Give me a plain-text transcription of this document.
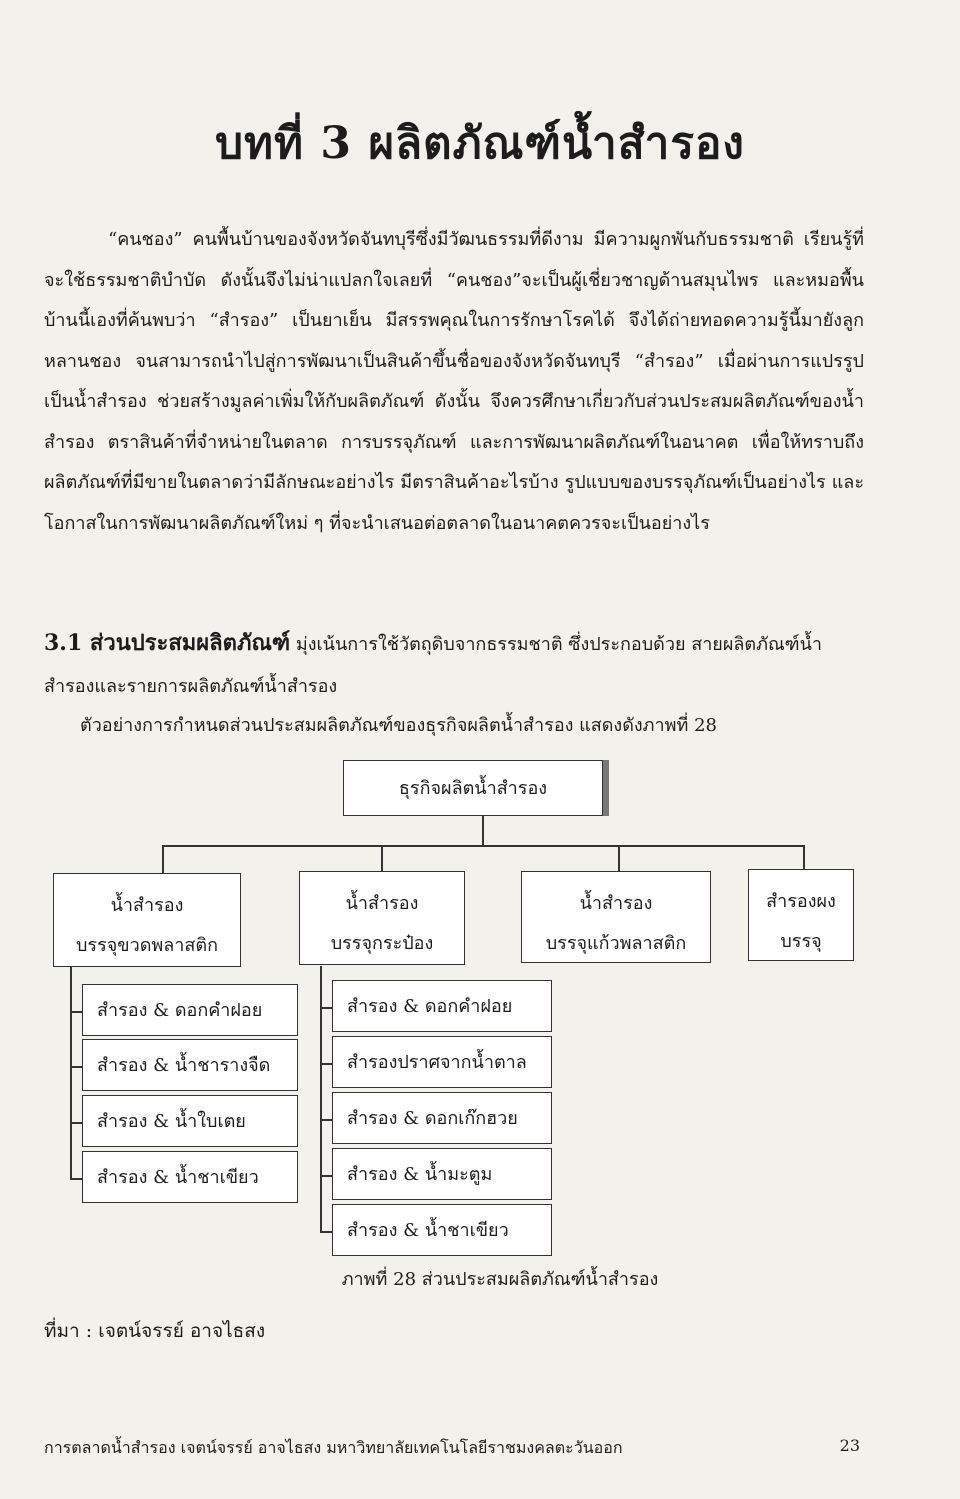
บทที่ 3 ผลิตภัณฑ์น้ำสำรอง
“คนชอง” คนพื้นบ้านของจังหวัดจันทบุรีซึ่งมีวัฒนธรรมที่ดีงาม มีความผูกพันกับธรรมชาติ เรียนรู้ที่จะใช้ธรรมชาติบำบัด ดังนั้นจึงไม่น่าแปลกใจเลยที่ “คนชอง”จะเป็นผู้เชี่ยวชาญด้านสมุนไพร และหมอพื้นบ้านนี้เองที่ค้นพบว่า “สำรอง” เป็นยาเย็น มีสรรพคุณในการรักษาโรคได้ จึงได้ถ่ายทอดความรู้นี้มายังลูกหลานชอง จนสามารถนำไปสู่การพัฒนาเป็นสินค้าขึ้นชื่อของจังหวัดจันทบุรี “สำรอง” เมื่อผ่านการแปรรูปเป็นน้ำสำรอง ช่วยสร้างมูลค่าเพิ่มให้กับผลิตภัณฑ์ ดังนั้น จึงควรศึกษาเกี่ยวกับส่วนประสมผลิตภัณฑ์ของน้ำสำรอง ตราสินค้าที่จำหน่ายในตลาด การบรรจุภัณฑ์ และการพัฒนาผลิตภัณฑ์ในอนาคต เพื่อให้ทราบถึงผลิตภัณฑ์ที่มีขายในตลาดว่ามีลักษณะอย่างไร มีตราสินค้าอะไรบ้าง รูปแบบของบรรจุภัณฑ์เป็นอย่างไร และโอกาสในการพัฒนาผลิตภัณฑ์ใหม่ ๆ ที่จะนำเสนอต่อตลาดในอนาคตควรจะเป็นอย่างไร
3.1 ส่วนประสมผลิตภัณฑ์ มุ่งเน้นการใช้วัตถุดิบจากธรรมชาติ ซึ่งประกอบด้วย สายผลิตภัณฑ์น้ำสำรองและรายการผลิตภัณฑ์น้ำสำรอง
ตัวอย่างการกำหนดส่วนประสมผลิตภัณฑ์ของธุรกิจผลิตน้ำสำรอง แสดงดังภาพที่ 28
ธุรกิจผลิตน้ำสำรอง
น้ำสำรอง
บรรจุขวดพลาสติก
น้ำสำรอง
บรรจุกระป๋อง
น้ำสำรอง
บรรจุแก้วพลาสติก
สำรองผง
บรรจุ
สำรอง & ดอกคำฝอย
สำรอง & น้ำชารางจืด
สำรอง & น้ำใบเตย
สำรอง & น้ำชาเขียว
สำรอง & ดอกคำฝอย
สำรองปราศจากน้ำตาล
สำรอง & ดอกเก๊กฮวย
สำรอง & น้ำมะตูม
สำรอง & น้ำชาเขียว
ภาพที่ 28 ส่วนประสมผลิตภัณฑ์น้ำสำรอง
ที่มา : เจตน์จรรย์ อาจไธสง
การตลาดน้ำสำรอง เจตน์จรรย์ อาจไธสง มหาวิทยาลัยเทคโนโลยีราชมงคลตะวันออก	23
